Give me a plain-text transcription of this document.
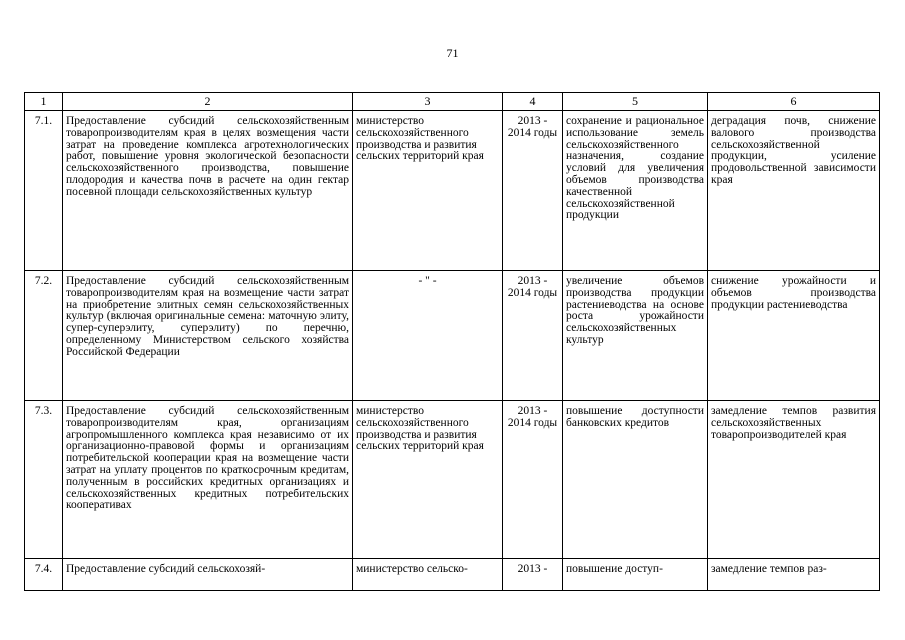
71
1	2	3	4	5	6
7.1.	Предоставление субсидий сельскохозяйственным товаропроизводителям края в целях возмещения части затрат на проведение комплекса агротехнологических работ, повышение уровня экологической безопасности сельскохозяйственного производства, повышение плодородия и качества почв в расчете на один гектар посевной площади сельскохозяйственных культур	министерство сельскохозяйственного производства и развития сельских территорий края	2013 - 2014 годы	сохранение и рациональное использование земель сельскохозяйственного назначения, создание условий для увеличения объемов производства качественной сельскохозяйственной продукции	деградация почв, снижение валового производства сельскохозяйственной продукции, усиление продовольственной зависимости края
7.2.	Предоставление субсидий сельскохозяйственным товаропроизводителям края на возмещение части затрат на приобретение элитных семян сельскохозяйственных культур (включая оригинальные семена: маточную элиту, супер-суперэлиту, суперэлиту) по перечню, определенному Министерством сельского хозяйства Российской Федерации	- " -	2013 - 2014 годы	увеличение объемов производства продукции растениеводства на основе роста урожайности сельскохозяйственных культур	снижение урожайности и объемов производства продукции растениеводства
7.3.	Предоставление субсидий сельскохозяйственным товаропроизводителям края, организациям агропромышленного комплекса края независимо от их организационно-правовой формы и организациям потребительской кооперации края на возмещение части затрат на уплату процентов по краткосрочным кредитам, полученным в российских кредитных организациях и сельскохозяйственных кредитных потребительских кооперативах	министерство сельскохозяйственного производства и развития сельских территорий края	2013 - 2014 годы	повышение доступности банковских кредитов	замедление темпов развития сельскохозяйственных товаропроизводителей края
7.4.	Предоставление субсидий сельскохозяй-	министерство сельско-	2013 -	повышение доступ-	замедление темпов раз-
